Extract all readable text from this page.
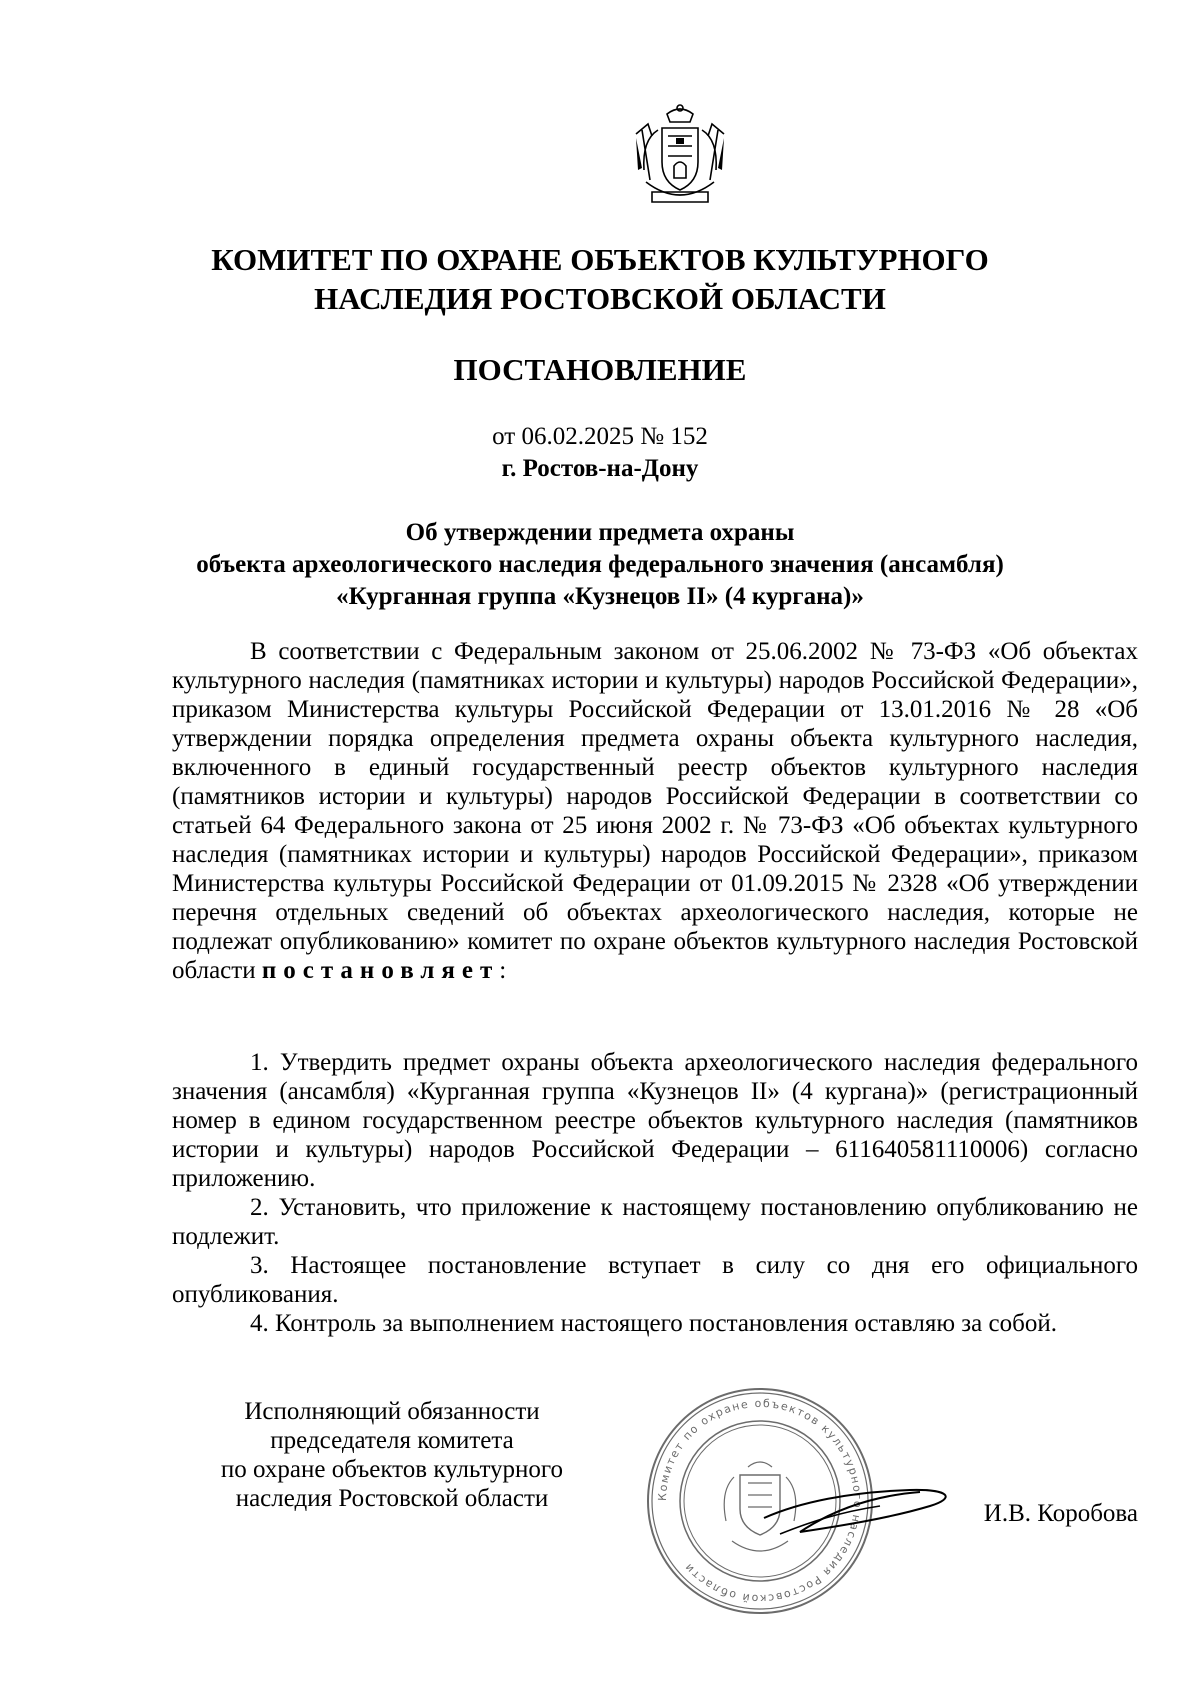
КОМИТЕТ ПО ОХРАНЕ ОБЪЕКТОВ КУЛЬТУРНОГО
НАСЛЕДИЯ РОСТОВСКОЙ ОБЛАСТИ
ПОСТАНОВЛЕНИЕ
от 06.02.2025 № 152
г. Ростов-на-Дону
Об утверждении предмета охраны
объекта археологического наследия федерального значения (ансамбля)
«Курганная группа «Кузнецов II» (4 кургана)»

В соответствии с Федеральным законом от 25.06.2002 № 73-ФЗ «Об объектах культурного наследия (памятниках истории и культуры) народов Российской Федерации», приказом Министерства культуры Российской Федерации от 13.01.2016 № 28 «Об утверждении порядка определения предмета охраны объекта культурного наследия, включенного в единый государственный реестр объектов культурного наследия (памятников истории и культуры) народов Российской Федерации в соответствии со статьей 64 Федерального закона от 25 июня 2002 г. № 73-ФЗ «Об объектах культурного наследия (памятниках истории и культуры) народов Российской Федерации», приказом Министерства культуры Российской Федерации от 01.09.2015 № 2328 «Об утверждении перечня отдельных сведений об объектах археологического наследия, которые не подлежат опубликованию» комитет по охране объектов культурного наследия Ростовской области постановляет:

1. Утвердить предмет охраны объекта археологического наследия федерального значения (ансамбля) «Курганная группа «Кузнецов II» (4 кургана)» (регистрационный номер в едином государственном реестре объектов культурного наследия (памятников истории и культуры) народов Российской Федерации – 611640581110006) согласно приложению.

2. Установить, что приложение к настоящему постановлению опубликованию не подлежит.

3. Настоящее постановление вступает в силу со дня его официального опубликования.

4. Контроль за выполнением настоящего постановления оставляю за собой.

Исполняющий обязанности
председателя комитета
по охране объектов культурного
наследия Ростовской области	Комитет по охране объектов культурного наследия Ростовской области
И.В. Коробова
